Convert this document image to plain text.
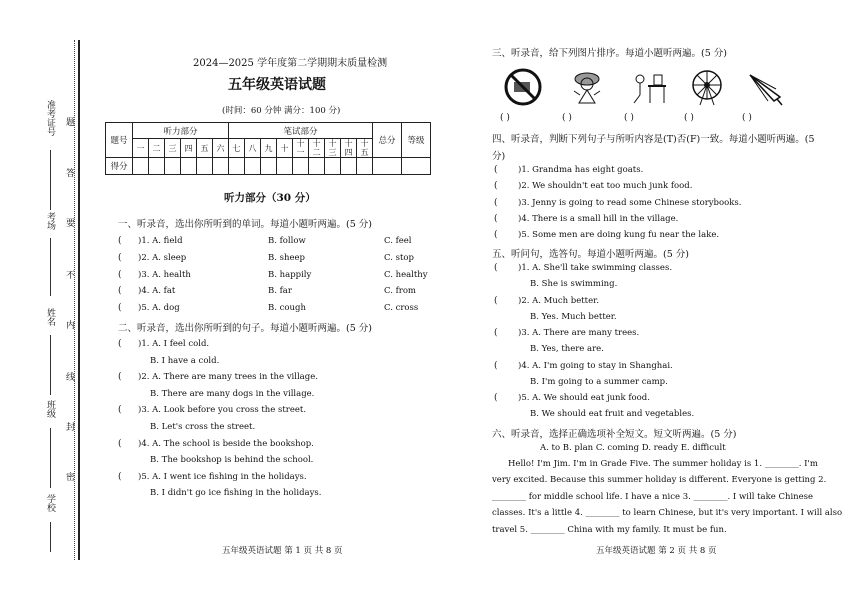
准考证号
考场
姓名
班级
学校
题
答
要
不
内
线
封
密
2024—2025 学年度第二学期期末质量检测
五年级英语试题
(时间：60 分钟 满分：100 分)
题号	听力部分						笔试部分									总分	等级
	一	二	三	四	五	六	七	八	九	十	十一	十二	十三	十四	十五		
得分																	
听力部分（30 分）
一、听录音，选出你所听到的单词。每道小题听两遍。(5 分)
( )1. A. field	B. follow	C. feel
( )2. A. sleep	B. sheep	C. stop
( )3. A. health	B. happily	C. healthy
( )4. A. fat	B. far	C. from
( )5. A. dog	B. cough	C. cross
二、听录音，选出你所听到的句子。每道小题听两遍。(5 分)
( )1. A. I feel cold.
B. I have a cold.
( )2. A. There are many trees in the village.
B. There are many dogs in the village.
( )3. A. Look before you cross the street.
B. Let's cross the street.
( )4. A. The school is beside the bookshop.
B. The bookshop is behind the school.
( )5. A. I went ice fishing in the holidays.
B. I didn't go ice fishing in the holidays.
五年级英语试题 第 1 页 共 8 页
三、听录音，给下列图片排序。每道小题听两遍。(5 分)
( )	( )	( )	( )	( )
四、听录音，判断下列句子与所听内容是(T)否(F)一致。每道小题听两遍。(5
分)
( )1. Grandma has eight goats.
( )2. We shouldn't eat too much junk food.
( )3. Jenny is going to read some Chinese storybooks.
( )4. There is a small hill in the village.
( )5. Some men are doing kung fu near the lake.
五、听问句，选答句。每道小题听两遍。(5 分)
( )1. A. She'll take swimming classes.
B. She is swimming.
( )2. A. Much better.
B. Yes. Much better.
( )3. A. There are many trees.
B. Yes, there are.
( )4. A. I'm going to stay in Shanghai.
B. I'm going to a summer camp.
( )5. A. We should eat junk food.
B. We should eat fruit and vegetables.
六、听录音，选择正确选项补全短文。短文听两遍。(5 分)
A. to B. plan C. coming D. ready E. difficult
Hello! I'm Jim. I'm in Grade Five. The summer holiday is 1. ________. I'm
very excited. Because this summer holiday is different. Everyone is getting 2.
________ for middle school life. I have a nice 3. ________. I will take Chinese
classes. It's a little 4. ________ to learn Chinese, but it's very important. I will also
travel 5. ________ China with my family. It must be fun.
五年级英语试题 第 2 页 共 8 页
